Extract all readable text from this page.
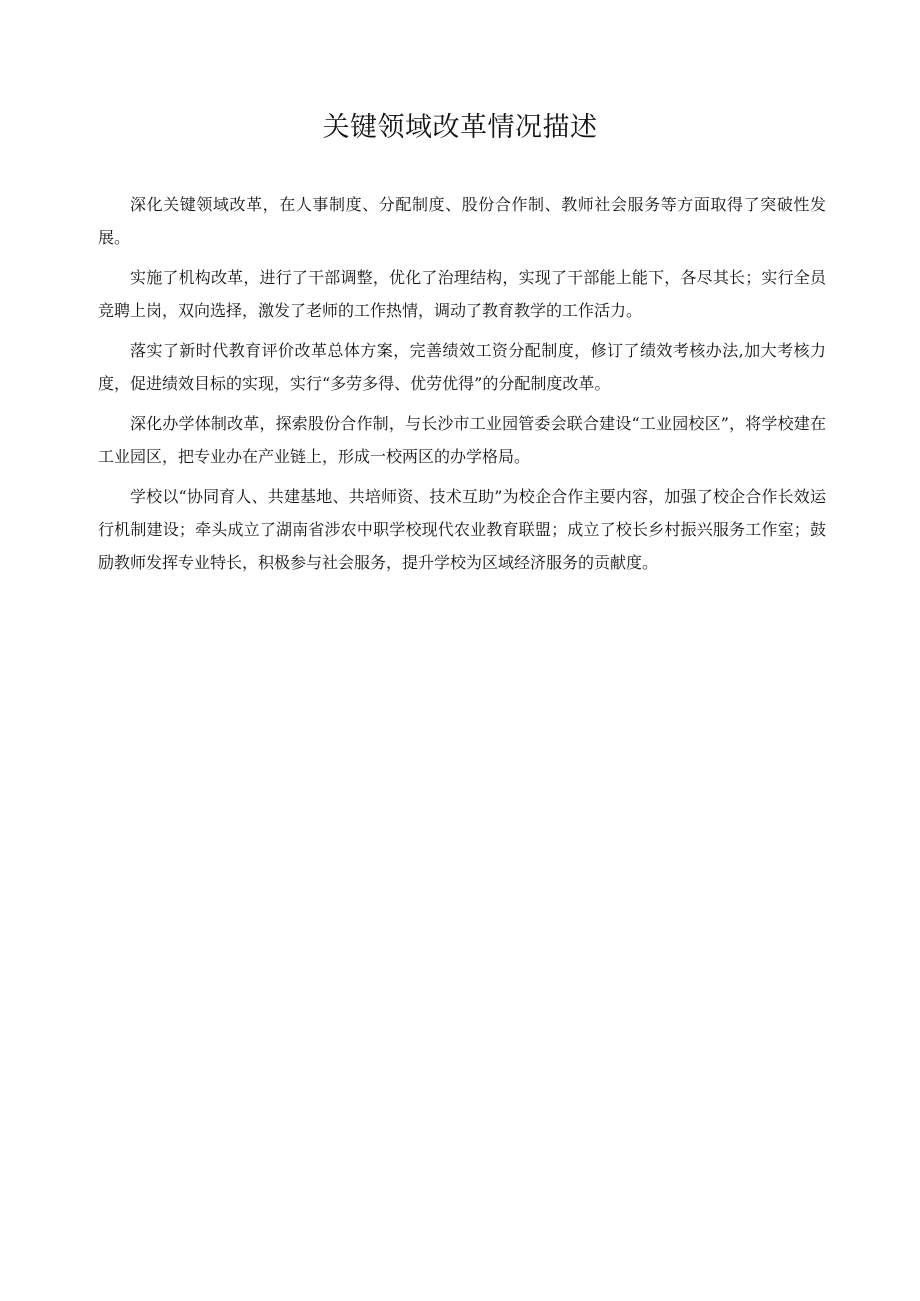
关键领域改革情况描述

深化关键领域改革，在人事制度、分配制度、股份合作制、教师社会服务等方面取得了突破性发展。

实施了机构改革，进行了干部调整，优化了治理结构，实现了干部能上能下，各尽其长；实行全员竞聘上岗，双向选择，激发了老师的工作热情，调动了教育教学的工作活力。

落实了新时代教育评价改革总体方案，完善绩效工资分配制度，修订了绩效考核办法,加大考核力度，促进绩效目标的实现，实行“多劳多得、优劳优得”的分配制度改革。

深化办学体制改革，探索股份合作制，与长沙市工业园管委会联合建设“工业园校区”，将学校建在工业园区，把专业办在产业链上，形成一校两区的办学格局。

学校以“协同育人、共建基地、共培师资、技术互助”为校企合作主要内容，加强了校企合作长效运行机制建设；牵头成立了湖南省涉农中职学校现代农业教育联盟；成立了校长乡村振兴服务工作室；鼓励教师发挥专业特长，积极参与社会服务，提升学校为区域经济服务的贡献度。
